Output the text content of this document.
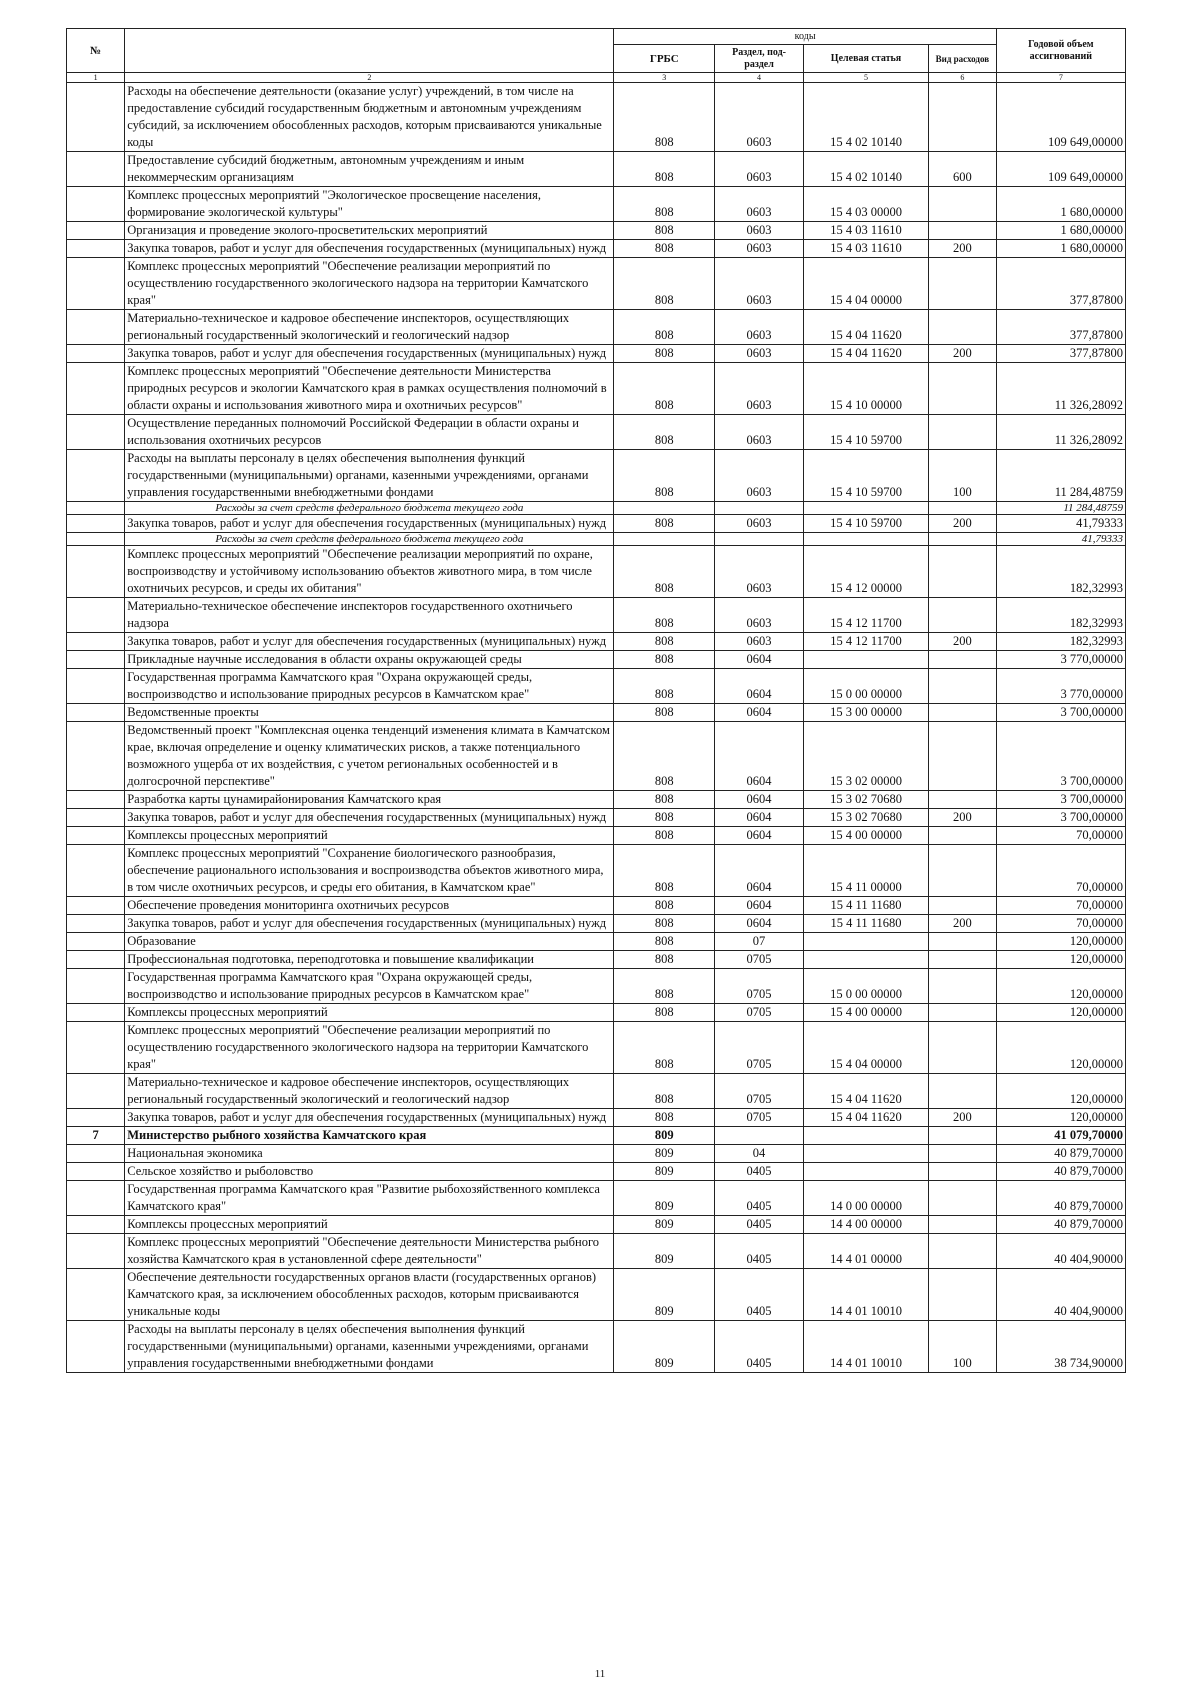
№		коды				Годовой объем ассигнований
		ГРБС	Раздел, под-раздел	Целевая статья	Вид расходов	
1	2	3	4	5	6	7
	Расходы на обеспечение деятельности (оказание услуг) учреждений, в том числе на предоставление субсидий государственным бюджетным и автономным учреждениям субсидий, за исключением обособленных расходов, которым присваиваются уникальные коды	808	0603	15 4 02 10140		109 649,00000
	Предоставление субсидий бюджетным, автономным учреждениям и иным некоммерческим организациям	808	0603	15 4 02 10140	600	109 649,00000
	Комплекс процессных мероприятий "Экологическое просвещение населения, формирование экологической культуры"	808	0603	15 4 03 00000		1 680,00000
	Организация и проведение эколого-просветительских мероприятий	808	0603	15 4 03 11610		1 680,00000
	Закупка товаров, работ и услуг для обеспечения государственных (муниципальных) нужд	808	0603	15 4 03 11610	200	1 680,00000
	Комплекс процессных мероприятий "Обеспечение реализации мероприятий по осуществлению государственного экологического надзора на территории Камчатского края"	808	0603	15 4 04 00000		377,87800
	Материально-техническое и кадровое обеспечение инспекторов, осуществляющих региональный государственный экологический и геологический надзор	808	0603	15 4 04 11620		377,87800
	Закупка товаров, работ и услуг для обеспечения государственных (муниципальных) нужд	808	0603	15 4 04 11620	200	377,87800
	Комплекс процессных мероприятий "Обеспечение деятельности Министерства природных ресурсов и экологии Камчатского края в рамках осуществления полномочий в области охраны и использования животного мира и охотничьих ресурсов"	808	0603	15 4 10 00000		11 326,28092
	Осуществление переданных полномочий Российской Федерации в области охраны и использования охотничьих ресурсов	808	0603	15 4 10 59700		11 326,28092
	Расходы на выплаты персоналу в целях обеспечения выполнения функций государственными (муниципальными) органами, казенными учреждениями, органами управления государственными внебюджетными фондами	808	0603	15 4 10 59700	100	11 284,48759
	Расходы за счет средств федерального бюджета текущего года					11 284,48759
	Закупка товаров, работ и услуг для обеспечения государственных (муниципальных) нужд	808	0603	15 4 10 59700	200	41,79333
	Расходы за счет средств федерального бюджета текущего года					41,79333
	Комплекс процессных мероприятий "Обеспечение реализации мероприятий по охране, воспроизводству и устойчивому использованию объектов животного мира, в том числе охотничьих ресурсов, и среды их обитания"	808	0603	15 4 12 00000		182,32993
	Материально-техническое обеспечение инспекторов государственного охотничьего надзора	808	0603	15 4 12 11700		182,32993
	Закупка товаров, работ и услуг для обеспечения государственных (муниципальных) нужд	808	0603	15 4 12 11700	200	182,32993
	Прикладные научные исследования в области охраны окружающей среды	808	0604			3 770,00000
	Государственная программа Камчатского края "Охрана окружающей среды, воспроизводство и использование природных ресурсов в Камчатском крае"	808	0604	15 0 00 00000		3 770,00000
	Ведомственные проекты	808	0604	15 3 00 00000		3 700,00000
	Ведомственный проект "Комплексная оценка тенденций изменения климата в Камчатском крае, включая определение и оценку климатических рисков, а также потенциального возможного ущерба от их воздействия, с учетом региональных особенностей и в долгосрочной перспективе"	808	0604	15 3 02 00000		3 700,00000
	Разработка карты цунамирайонирования Камчатского края	808	0604	15 3 02 70680		3 700,00000
	Закупка товаров, работ и услуг для обеспечения государственных (муниципальных) нужд	808	0604	15 3 02 70680	200	3 700,00000
	Комплексы процессных мероприятий	808	0604	15 4 00 00000		70,00000
	Комплекс процессных мероприятий "Сохранение биологического разнообразия, обеспечение рационального использования и воспроизводства объектов животного мира, в том числе охотничьих ресурсов, и среды его обитания, в Камчатском крае"	808	0604	15 4 11 00000		70,00000
	Обеспечение проведения мониторинга охотничьих ресурсов	808	0604	15 4 11 11680		70,00000
	Закупка товаров, работ и услуг для обеспечения государственных (муниципальных) нужд	808	0604	15 4 11 11680	200	70,00000
	Образование	808	07			120,00000
	Профессиональная подготовка, переподготовка и повышение квалификации	808	0705			120,00000
	Государственная программа Камчатского края "Охрана окружающей среды, воспроизводство и использование природных ресурсов в Камчатском крае"	808	0705	15 0 00 00000		120,00000
	Комплексы процессных мероприятий	808	0705	15 4 00 00000		120,00000
	Комплекс процессных мероприятий "Обеспечение реализации мероприятий по осуществлению государственного экологического надзора на территории Камчатского края"	808	0705	15 4 04 00000		120,00000
	Материально-техническое и кадровое обеспечение инспекторов, осуществляющих региональный государственный экологический и геологический надзор	808	0705	15 4 04 11620		120,00000
	Закупка товаров, работ и услуг для обеспечения государственных (муниципальных) нужд	808	0705	15 4 04 11620	200	120,00000
7	Министерство рыбного хозяйства Камчатского края	809				41 079,70000
	Национальная экономика	809	04			40 879,70000
	Сельское хозяйство и рыболовство	809	0405			40 879,70000
	Государственная программа Камчатского края "Развитие рыбохозяйственного комплекса Камчатского края"	809	0405	14 0 00 00000		40 879,70000
	Комплексы процессных мероприятий	809	0405	14 4 00 00000		40 879,70000
	Комплекс процессных мероприятий "Обеспечение деятельности Министерства рыбного хозяйства Камчатского края в установленной сфере деятельности"	809	0405	14 4 01 00000		40 404,90000
	Обеспечение деятельности государственных органов власти (государственных органов) Камчатского края, за исключением обособленных расходов, которым присваиваются уникальные коды	809	0405	14 4 01 10010		40 404,90000
	Расходы на выплаты персоналу в целях обеспечения выполнения функций государственными (муниципальными) органами, казенными учреждениями, органами управления государственными внебюджетными фондами	809	0405	14 4 01 10010	100	38 734,90000
11
